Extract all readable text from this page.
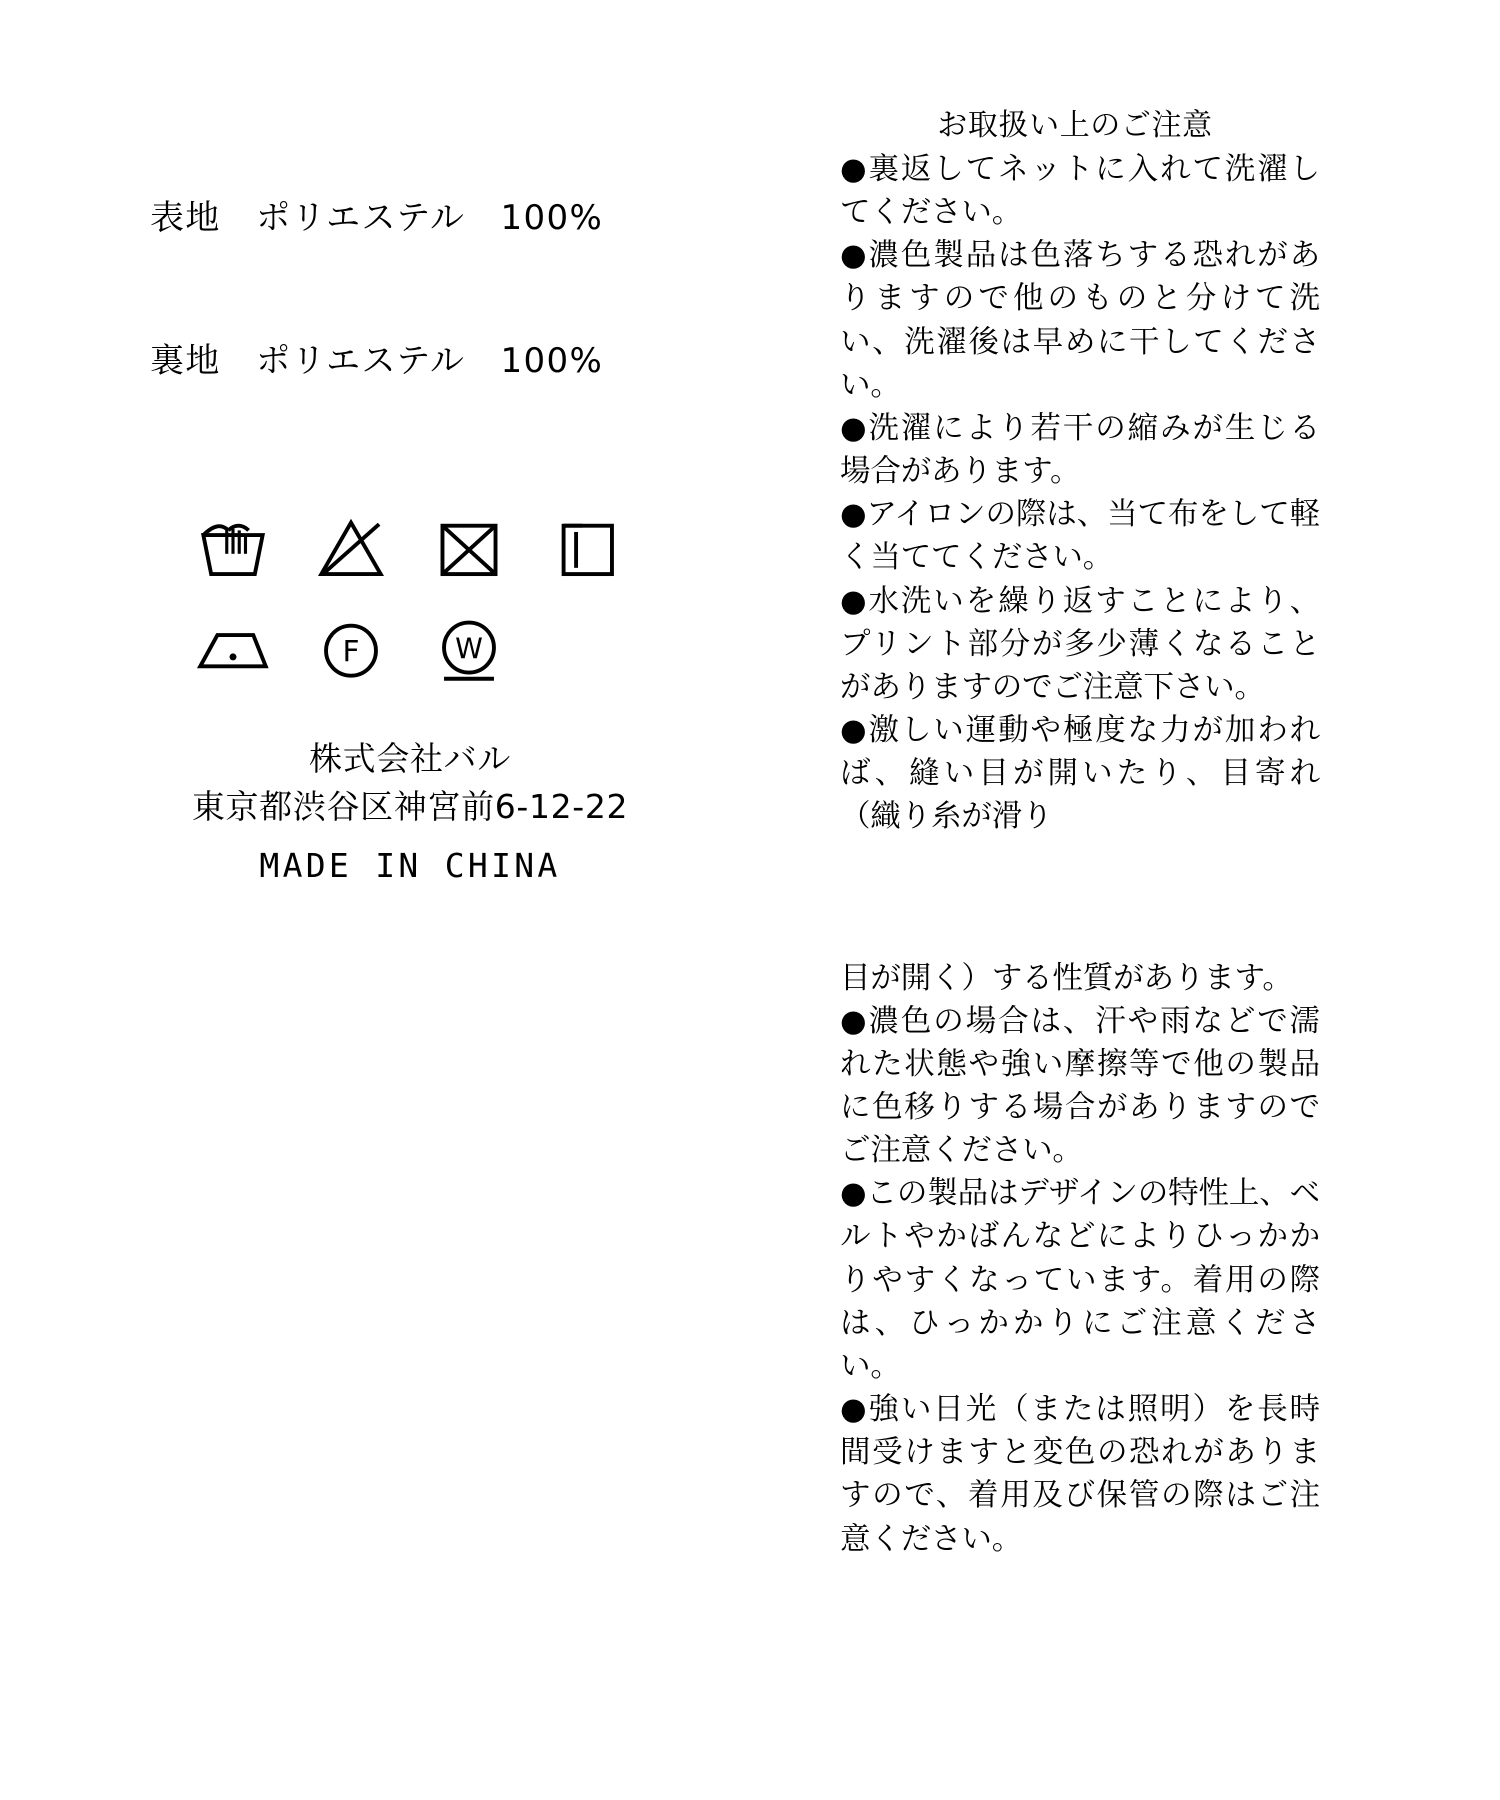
表地　ポリエステル　100%

裏地　ポリエステル　100%

F	W
株式会社バル
東京都渋谷区神宮前6-12-22
MADE IN CHINA
お取扱い上のご注意
●裏返してネットに入れて洗濯してください。
●濃色製品は色落ちする恐れがありますので他のものと分けて洗い、洗濯後は早めに干してください。
●洗濯により若干の縮みが生じる場合があります。
●アイロンの際は、当て布をして軽く当ててください。
●水洗いを繰り返すことにより、プリント部分が多少薄くなることがありますのでご注意下さい。
●激しい運動や極度な力が加われば、縫い目が開いたり、目寄れ（織り糸が滑り
目が開く）する性質があります。
●濃色の場合は、汗や雨などで濡れた状態や強い摩擦等で他の製品に色移りする場合がありますのでご注意ください。
●この製品はデザインの特性上、ベルトやかばんなどによりひっかかりやすくなっています。着用の際は、ひっかかりにご注意ください。
●強い日光（または照明）を長時間受けますと変色の恐れがありますので、着用及び保管の際はご注意ください。
